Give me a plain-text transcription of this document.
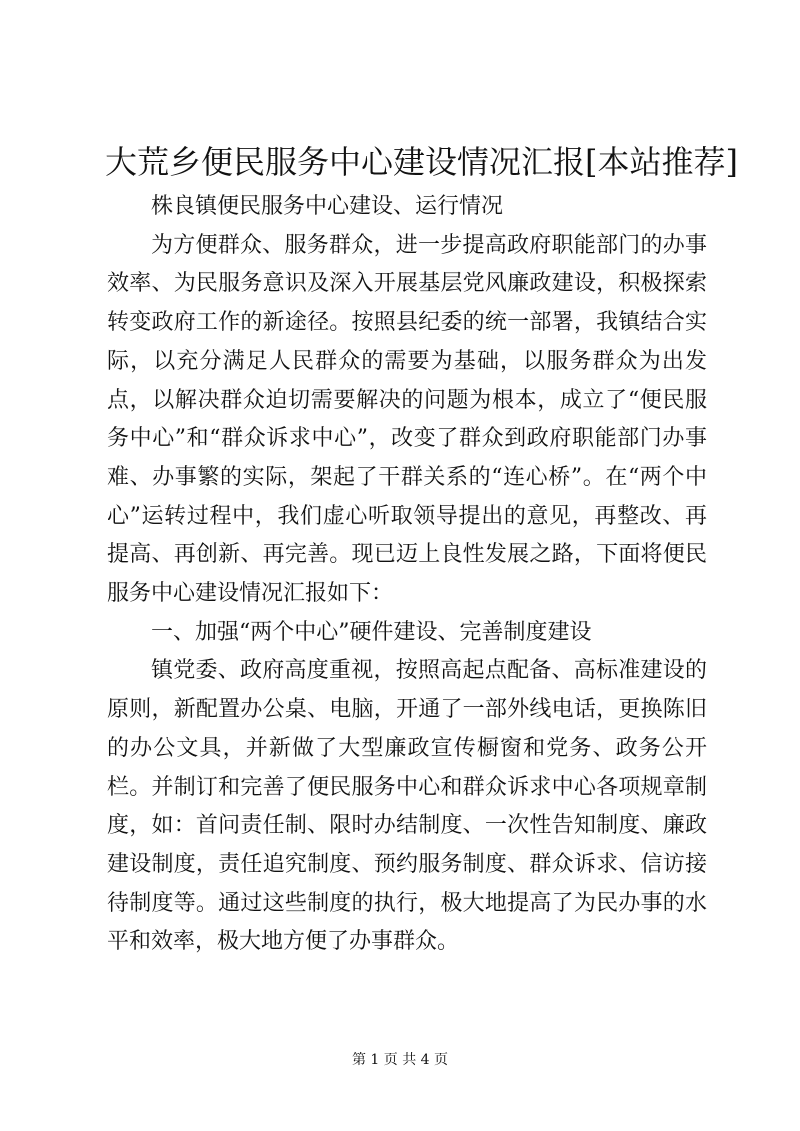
大荒乡便民服务中心建设情况汇报[本站推荐]

株良镇便民服务中心建设、运行情况

为方便群众、服务群众，进一步提高政府职能部门的办事效率、为民服务意识及深入开展基层党风廉政建设，积极探索转变政府工作的新途径。按照县纪委的统一部署，我镇结合实际，以充分满足人民群众的需要为基础，以服务群众为出发点，以解决群众迫切需要解决的问题为根本，成立了“便民服务中心”和“群众诉求中心”，改变了群众到政府职能部门办事难、办事繁的实际，架起了干群关系的“连心桥”。在“两个中心”运转过程中，我们虚心听取领导提出的意见，再整改、再提高、再创新、再完善。现已迈上良性发展之路，下面将便民服务中心建设情况汇报如下：

一、加强“两个中心”硬件建设、完善制度建设

镇党委、政府高度重视，按照高起点配备、高标准建设的原则，新配置办公桌、电脑，开通了一部外线电话，更换陈旧的办公文具，并新做了大型廉政宣传橱窗和党务、政务公开栏。并制订和完善了便民服务中心和群众诉求中心各项规章制度，如：首问责任制、限时办结制度、一次性告知制度、廉政建设制度，责任追究制度、预约服务制度、群众诉求、信访接待制度等。通过这些制度的执行，极大地提高了为民办事的水平和效率，极大地方便了办事群众。

第 1 页 共 4 页
